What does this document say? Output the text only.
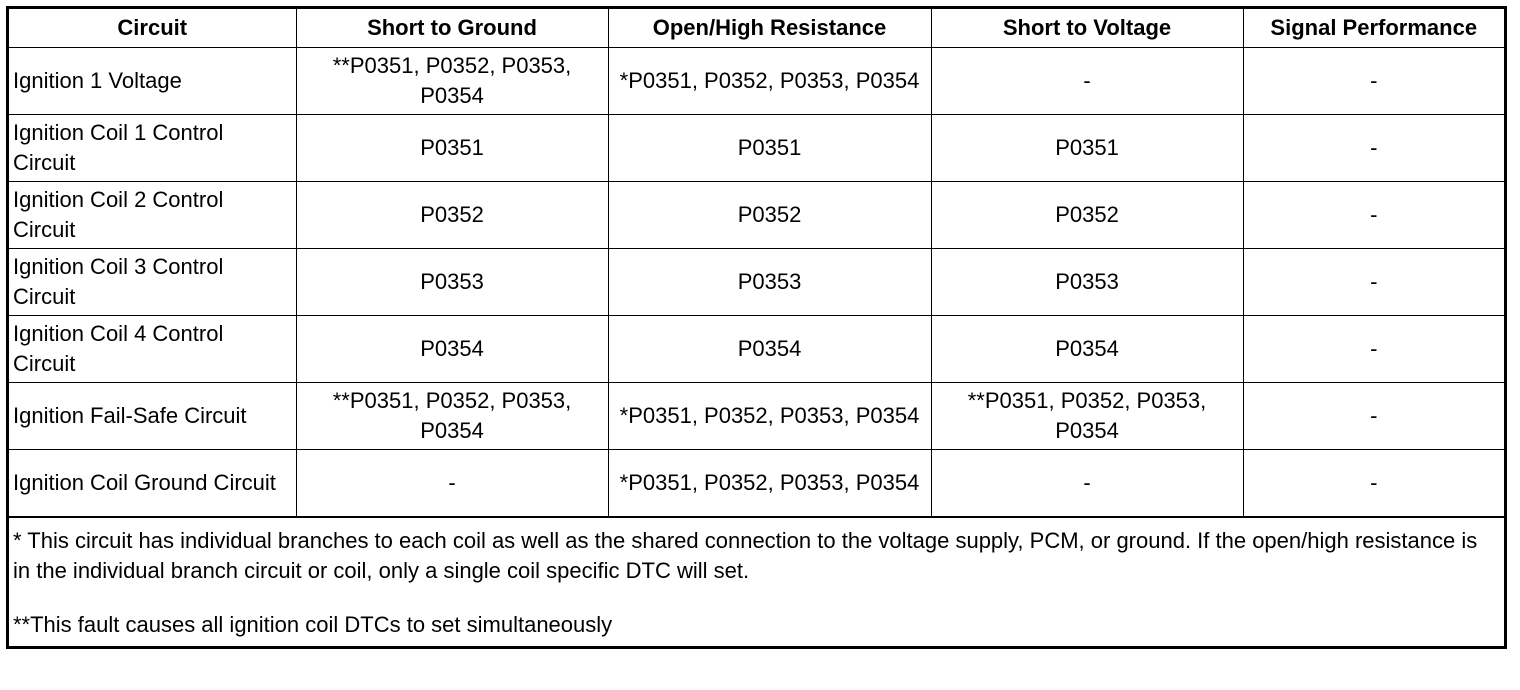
Circuit	Short to Ground	Open/High Resistance	Short to Voltage	Signal Performance
Ignition 1 Voltage	**P0351, P0352, P0353, P0354	*P0351, P0352, P0353, P0354	-	-
Ignition Coil 1 Control Circuit	P0351	P0351	P0351	-
Ignition Coil 2 Control Circuit	P0352	P0352	P0352	-
Ignition Coil 3 Control Circuit	P0353	P0353	P0353	-
Ignition Coil 4 Control Circuit	P0354	P0354	P0354	-
Ignition Fail-Safe Circuit	**P0351, P0352, P0353, P0354	*P0351, P0352, P0353, P0354	**P0351, P0352, P0353, P0354	-
Ignition Coil Ground Circuit	-	*P0351, P0352, P0353, P0354	-	-

* This circuit has individual branches to each coil as well as the shared connection to the voltage supply, PCM, or ground. If the open/high resistance is in the individual branch circuit or coil, only a single coil specific DTC will set.

**This fault causes all ignition coil DTCs to set simultaneously
